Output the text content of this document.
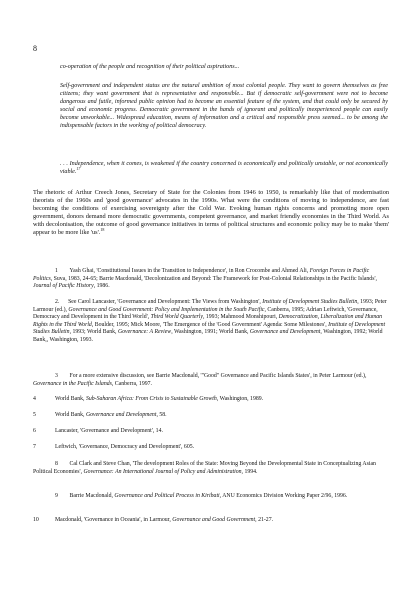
8

co-operation of the people and recognition of their political aspirations...

Self-government and independent status are the natural ambition of most colonial people. They want to govern themselves as free citizens; they want government that is representative and responsible... But if democratic self-government were not to become dangerous and futile, informed public opinion had to become an essential feature of the system, and that could only be secured by social and economic progress. Democratic government in the hands of ignorant and politically inexperienced people can easily become unworkable... Widespread education, means of information and a critical and responsible press seemed... to be among the indispensable factors in the working of political democracy.

. . . Independence, when it comes, is weakened if the country concerned is economically and politically unstable, or not economically viable.$^{17}$

The rhetoric of Arthur Creech Jones, Secretary of State for the Colonies from 1946 to 1950, is remarkably like that of modernisation theorists of the 1960s and 'good governance' advocates in the 1990s. What were the conditions of moving to independence, are fast becoming the conditions of exercising sovereignty after the Cold War. Evoking human rights concerns and promoting more open government, donors demand more democratic governments, competent governance, and market friendly economies in the Third World. As with decolonisation, the outcome of good governance initiatives in terms of political structures and economic policy may be to make 'them' appear to be more like 'us'.$^{18}$

1 Yash Ghai, 'Constitutional Issues in the Transition to Independence', in Ron Crocombe and Ahmed Ali, Foreign Forces in Pacific Politics, Suva, 1983, 24-65; Barrie Macdonald, 'Decolonization and Beyond: The Framework for Post-Colonial Relationships in the Pacific Islands', Journal of Pacific History, 1986.
2. See Carol Lancaster, 'Governance and Development: The Views from Washington', Institute of Development Studies Bulletin, 1993; Peter Larmour (ed.), Governance and Good Government: Policy and Implementation in the South Pacific, Canberra, 1995; Adrian Leftwich, 'Governance, Democracy and Development in the Third World', Third World Quarterly, 1993; Mahmood Monshipouri, Democratization, Liberalization and Human Rights in the Third World, Boulder, 1995; Mick Moore, 'The Emergence of the 'Good Government' Agenda: Some Milestones', Institute of Development Studies Bulletin, 1993; World Bank, Governance: A Review, Washington, 1991; World Bank, Governance and Development, Washington, 1992; World Bank,, Washington, 1993.
3 For a more extensive discussion, see Barrie Macdonald, '"Good" Governance and Pacific Islands States', in Peter Larmour (ed.), Governance in the Pacific Islands, Canberra, 1997.
4	World Bank, Sub-Saharan Africa: From Crisis to Sustainable Growth, Washington, 1989.
5	World Bank, Governance and Development, 58.
6	Lancaster, 'Governance and Development', 14.
7	Leftwich, 'Governance, Democracy and Development', 605.
8 Cal Clark and Steve Chan, 'The development Roles of the State: Moving Beyond the Developmental State in Conceptualizing Asian Political Economies', Governance: An International Journal of Policy and Administration, 1994.
9 Barrie Macdonald, Governance and Political Process in Kiribati, ANU Economics Division Working Paper 2/96, 1996.
10	Macdonald, 'Governance in Oceania', in Larmour, Governance and Good Government, 21-27.
